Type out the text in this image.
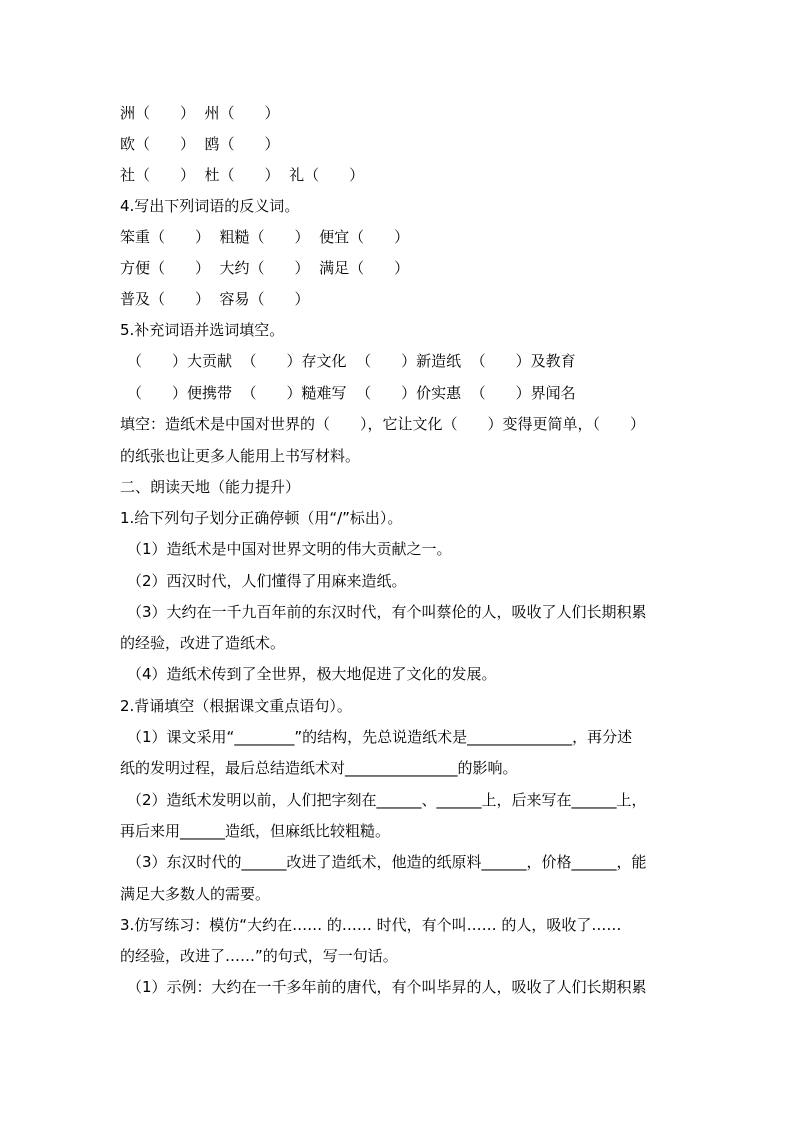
洲（　　）  州（　　）
欧（　　）  鸥（　　）
社（　　）  杜（　　）  礼（　　）
4.写出下列词语的反义词。
笨重（　　）  粗糙（　　）  便宜（　　）
方便（　　）  大约（　　）  满足（　　）
普及（　　）  容易（　　）
5.补充词语并选词填空。
（　　）大贡献  （　　）存文化  （　　）新造纸  （　　）及教育
（　　）便携带  （　　）糙难写  （　　）价实惠  （　　）界闻名
填空：造纸术是中国对世界的（　　），它让文化（　　）变得更简单，（　　）
的纸张也让更多人能用上书写材料。
二、朗读天地（能力提升）
1.给下列句子划分正确停顿（用“/”标出）。
（1）造纸术是中国对世界文明的伟大贡献之一。
（2）西汉时代，人们懂得了用麻来造纸。
（3）大约在一千九百年前的东汉时代，有个叫蔡伦的人，吸收了人们长期积累
的经验，改进了造纸术。
（4）造纸术传到了全世界，极大地促进了文化的发展。
2.背诵填空（根据课文重点语句）。
（1）课文采用“________”的结构，先总说造纸术是______________，再分述
纸的发明过程，最后总结造纸术对_______________的影响。
（2）造纸术发明以前，人们把字刻在______、______上，后来写在______上，
再后来用______造纸，但麻纸比较粗糙。
（3）东汉时代的______改进了造纸术，他造的纸原料______，价格______，能
满足大多数人的需要。
3.仿写练习：模仿“大约在…… 的…… 时代，有个叫…… 的人，吸收了……
的经验，改进了……”的句式，写一句话。
（1）示例：大约在一千多年前的唐代，有个叫毕昇的人，吸收了人们长期积累
